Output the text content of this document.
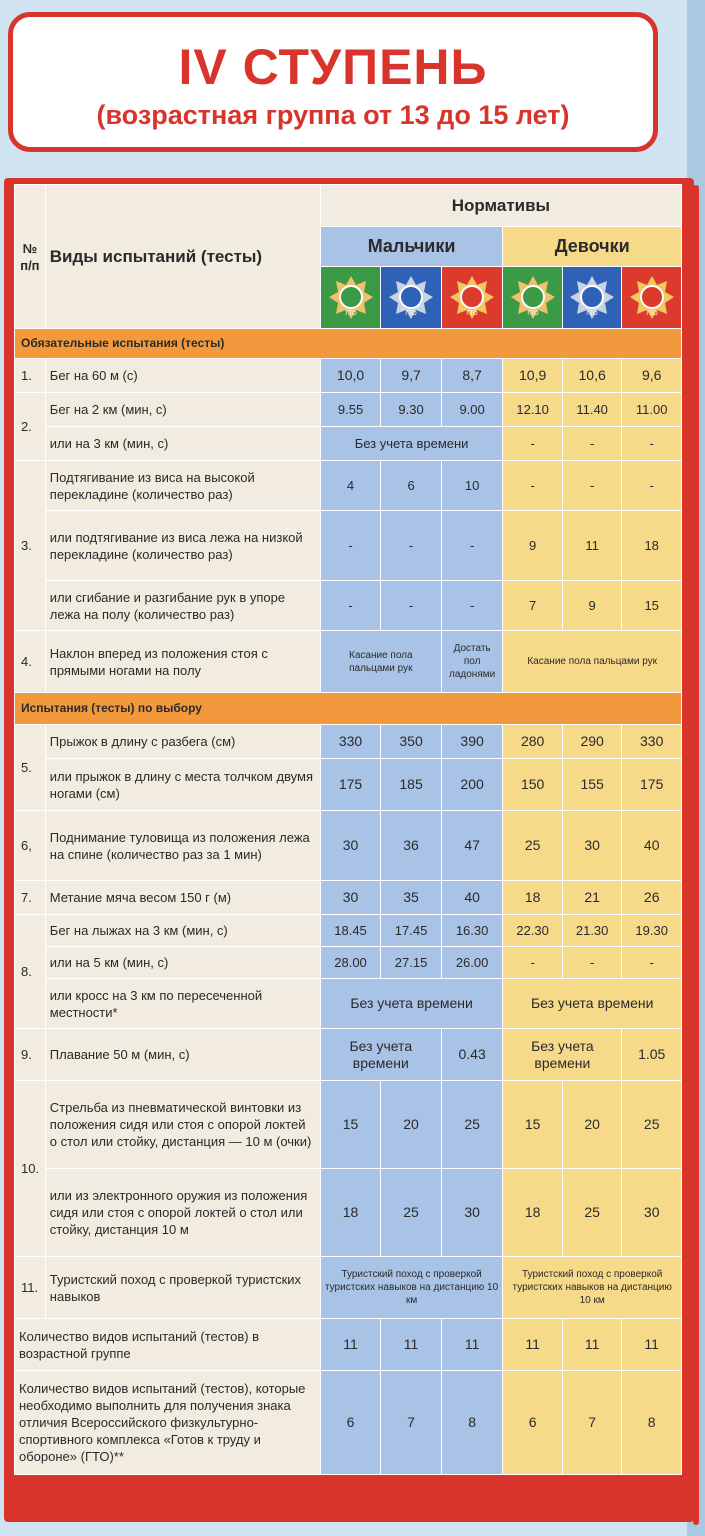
IV СТУПЕНЬ
(возрастная группа от 13 до 15 лет)
№ п/п	Виды испытаний (тесты)	Нормативы					
		Мальчики			Девочки		

ГТО	ГТО	ГТО	ГТО	ГТО	ГТО

Обязательные испытания (тесты)							
1.	Бег на 60 м (с)	10,0	9,7	8,7	10,9	10,6	9,6
2.	Бег на 2 км (мин, с)	9.55	9.30	9.00	12.10	11.40	11.00
	или на 3 км (мин, с)	Без учета времени			-	-	-
3.	Подтягивание из виса на высокой перекладине (количество раз)	4	6	10	-	-	-
	или подтягивание из виса лежа на низкой перекладине (количество раз)	-	-	-	9	11	18
	или сгибание и разгибание рук в упоре лежа на полу (количество раз)	-	-	-	7	9	15
4.	Наклон вперед из положения стоя с прямыми ногами на полу	Касание пола пальцами рук		Достать пол ладонями	Касание пола пальцами рук		
Испытания (тесты) по выбору							
5.	Прыжок в длину с разбега (см)	330	350	390	280	290	330
	или прыжок в длину с места толчком двумя ногами (см)	175	185	200	150	155	175
6,	Поднимание туловища из положения лежа на спине (количество раз за 1 мин)	30	36	47	25	30	40
7.	Метание мяча весом 150 г (м)	30	35	40	18	21	26
8.	Бег на лыжах на 3 км (мин, с)	18.45	17.45	16.30	22.30	21.30	19.30
	или на 5 км (мин, с)	28.00	27.15	26.00	-	-	-
	или кросс на 3 км по пересеченной местности*	Без учета времени			Без учета времени		
9.	Плавание 50 м (мин, с)	Без учета времени		0.43	Без учета времени		1.05
10.	Стрельба из пневматической винтовки из положения сидя или стоя с опорой локтей о стол или стойку, дистанция — 10 м (очки)	15	20	25	15	20	25
	или из электронного оружия из положения сидя или стоя с опорой локтей о стол или стойку, дистанция 10 м	18	25	30	18	25	30
11.	Туристский поход с проверкой туристских навыков	Туристский поход с проверкой туристских навыков на дистанцию 10 км			Туристский поход с проверкой туристских навыков на дистанцию 10 км		
Количество видов испытаний (тестов) в возрастной группе		11	11	11	11	11	11
Количество видов испытаний (тестов), которые необходимо выполнить для получения знака отличия Всероссийского физкультурно-спортивного комплекса «Готов к труду и обороне» (ГТО)**		6	7	8	6	7	8
